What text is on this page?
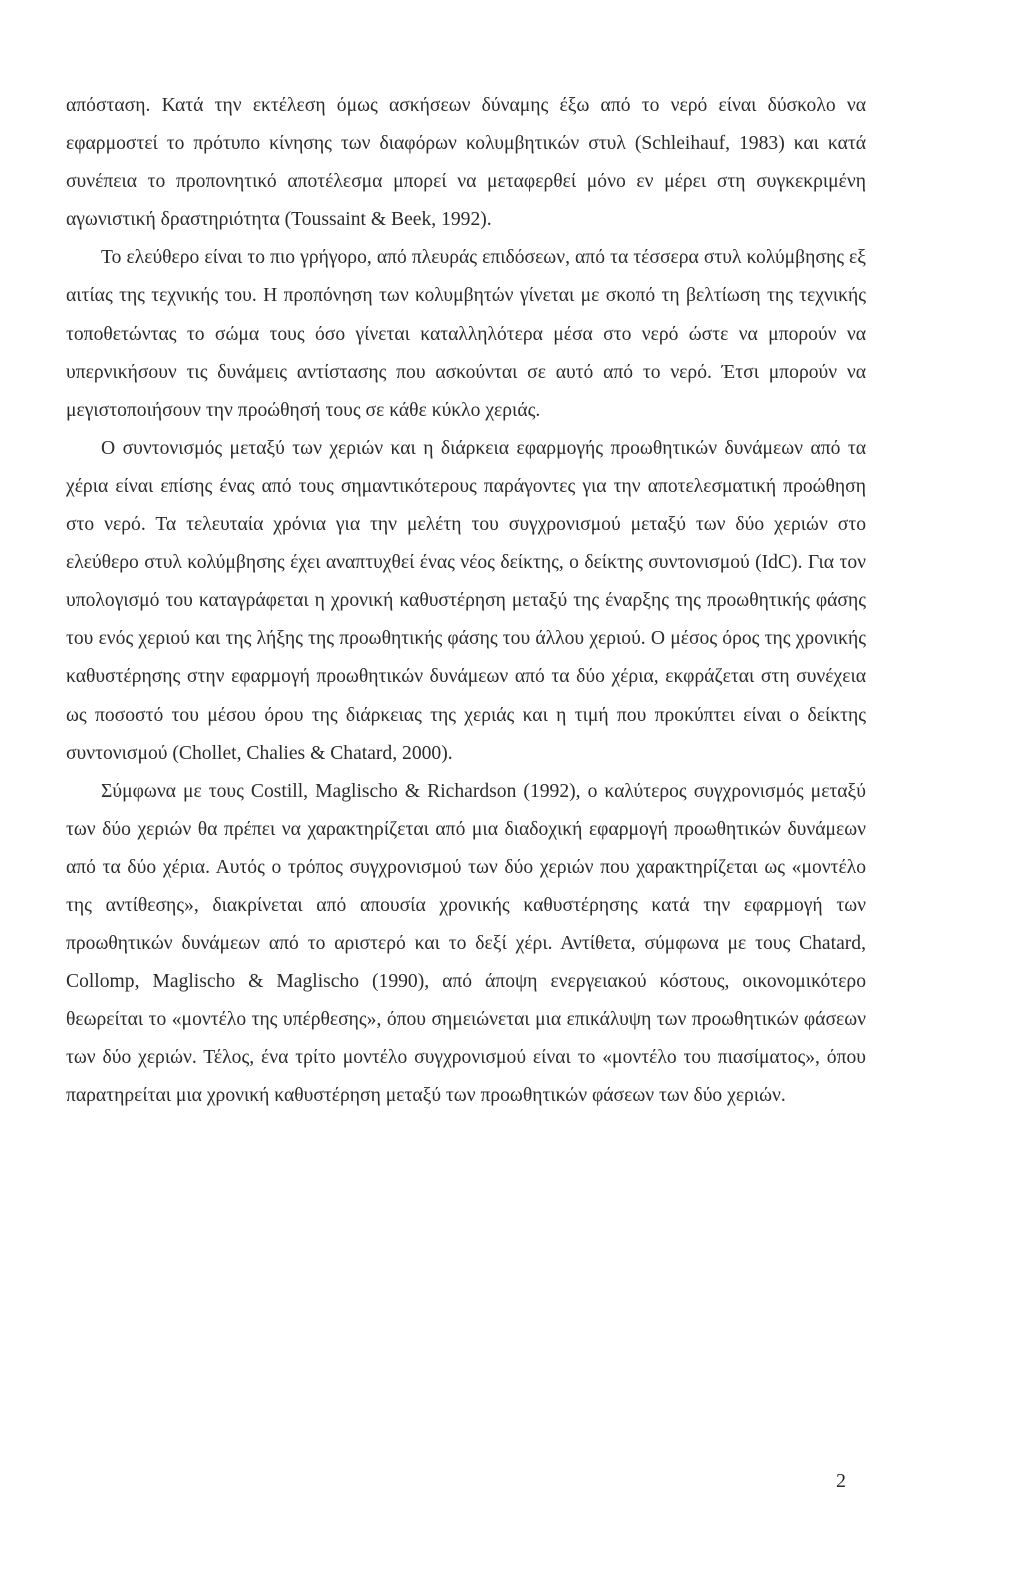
απόσταση. Κατά την εκτέλεση όμως ασκήσεων δύναμης έξω από το νερό είναι δύσκολο να εφαρμοστεί το πρότυπο κίνησης των διαφόρων κολυμβητικών στυλ (Schleihauf, 1983) και κατά συνέπεια το προπονητικό αποτέλεσμα μπορεί να μεταφερθεί μόνο εν μέρει στη συγκεκριμένη αγωνιστική δραστηριότητα (Toussaint & Beek, 1992).

Το ελεύθερο είναι το πιο γρήγορο, από πλευράς επιδόσεων, από τα τέσσερα στυλ κολύμβησης εξ αιτίας της τεχνικής του. Η προπόνηση των κολυμβητών γίνεται με σκοπό τη βελτίωση της τεχνικής τοποθετώντας το σώμα τους όσο γίνεται καταλληλότερα μέσα στο νερό ώστε να μπορούν να υπερνικήσουν τις δυνάμεις αντίστασης που ασκούνται σε αυτό από το νερό. Έτσι μπορούν να μεγιστοποιήσουν την προώθησή τους σε κάθε κύκλο χεριάς.

Ο συντονισμός μεταξύ των χεριών και η διάρκεια εφαρμογής προωθητικών δυνάμεων από τα χέρια είναι επίσης ένας από τους σημαντικότερους παράγοντες για την αποτελεσματική προώθηση στο νερό. Τα τελευταία χρόνια για την μελέτη του συγχρονισμού μεταξύ των δύο χεριών στο ελεύθερο στυλ κολύμβησης έχει αναπτυχθεί ένας νέος δείκτης, ο δείκτης συντονισμού (IdC). Για τον υπολογισμό του καταγράφεται η χρονική καθυστέρηση μεταξύ της έναρξης της προωθητικής φάσης του ενός χεριού και της λήξης της προωθητικής φάσης του άλλου χεριού. Ο μέσος όρος της χρονικής καθυστέρησης στην εφαρμογή προωθητικών δυνάμεων από τα δύο χέρια, εκφράζεται στη συνέχεια ως ποσοστό του μέσου όρου της διάρκειας της χεριάς και η τιμή που προκύπτει είναι ο δείκτης συντονισμού (Chollet, Chalies & Chatard, 2000).

Σύμφωνα με τους Costill, Maglischo & Richardson (1992), ο καλύτερος συγχρονισμός μεταξύ των δύο χεριών θα πρέπει να χαρακτηρίζεται από μια διαδοχική εφαρμογή προωθητικών δυνάμεων από τα δύο χέρια. Αυτός ο τρόπος συγχρονισμού των δύο χεριών που χαρακτηρίζεται ως «μοντέλο της αντίθεσης», διακρίνεται από απουσία χρονικής καθυστέρησης κατά την εφαρμογή των προωθητικών δυνάμεων από το αριστερό και το δεξί χέρι. Αντίθετα, σύμφωνα με τους Chatard, Collomp, Maglischo & Maglischo (1990), από άποψη ενεργειακού κόστους, οικονομικότερο θεωρείται το «μοντέλο της υπέρθεσης», όπου σημειώνεται μια επικάλυψη των προωθητικών φάσεων των δύο χεριών. Τέλος, ένα τρίτο μοντέλο συγχρονισμού είναι το «μοντέλο του πιασίματος», όπου παρατηρείται μια χρονική καθυστέρηση μεταξύ των προωθητικών φάσεων των δύο χεριών.

2
